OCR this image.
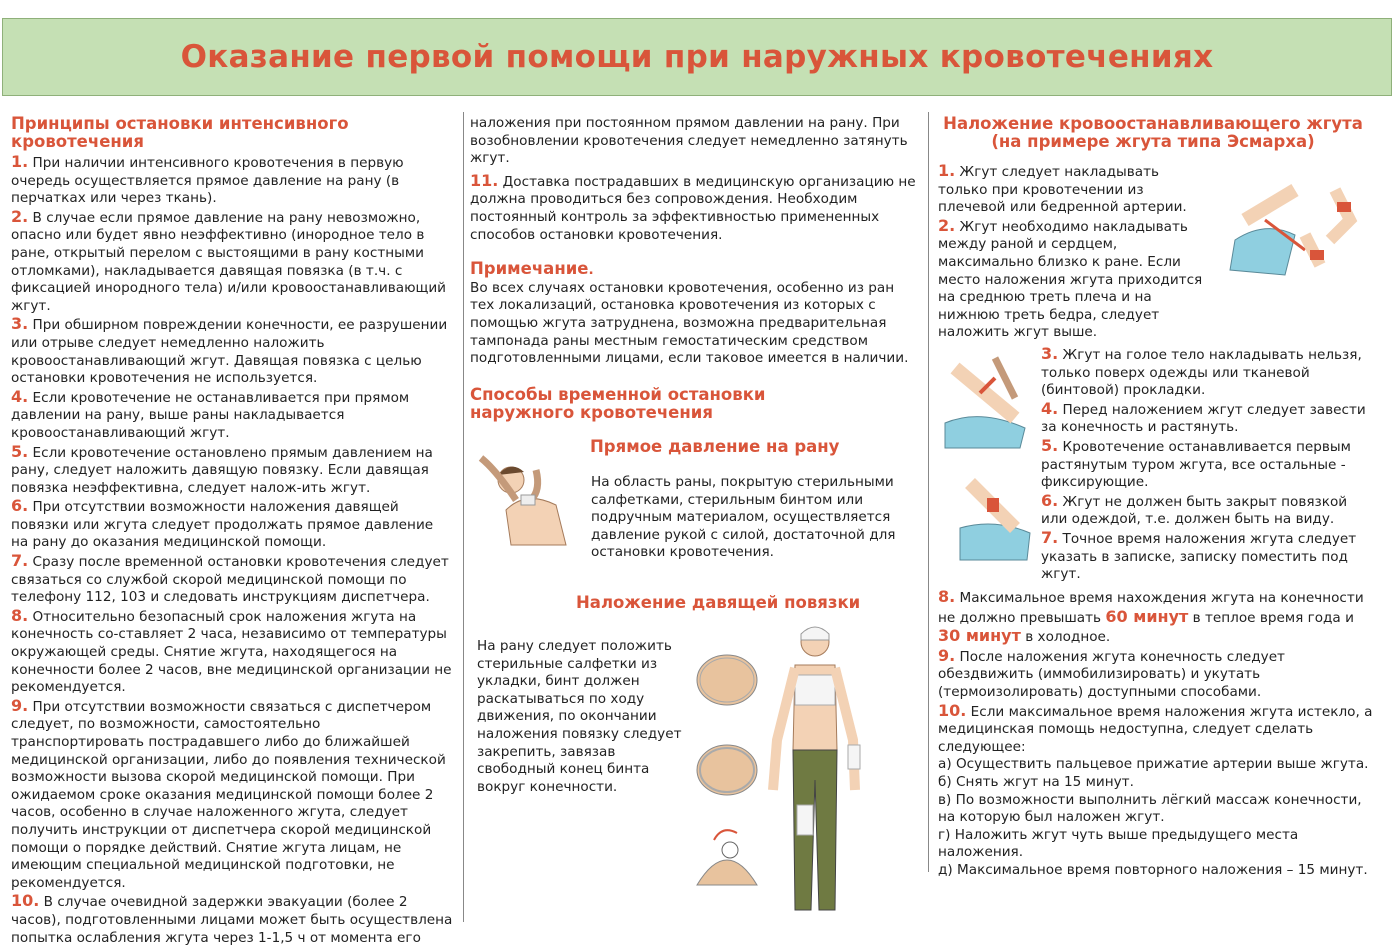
Оказание первой помощи при наружных кровотечениях
Принципы остановки интенсивного кровотечения

1. При наличии интенсивного кровотечения в первую очередь осуществляется прямое давление на рану (в перчатках или через ткань).

2. В случае если прямое давление на рану невозможно, опасно или будет явно неэффективно (инородное тело в ране, открытый перелом с выстоящими в рану костными отломками), накладывается давящая повязка (в т.ч. с фиксацией инородного тела) и/или кровоостанавливающий жгут.

3. При обширном повреждении конечности, ее разрушении или отрыве следует немедленно наложить кровоостанавливающий жгут. Давящая повязка с целью остановки кровотечения не используется.

4. Если кровотечение не останавливается при прямом давлении на рану, выше раны накладывается кровоостанавливающий жгут.

5. Если кровотечение остановлено прямым давлением на рану, следует наложить давящую повязку. Если давящая повязка неэффективна, следует налож-ить жгут.

6. При отсутствии возможности наложения давящей повязки или жгута следует продолжать прямое давление на рану до оказания медицинской помощи.

7. Сразу после временной остановки кровотечения следует связаться со службой скорой медицинской помощи по телефону 112, 103 и следовать инструкциям диспетчера.

8. Относительно безопасный срок наложения жгута на конечность со-ставляет 2 часа, независимо от температуры окружающей среды. Снятие жгута, находящегося на конечности более 2 часов, вне медицинской организации не рекомендуется.

9. При отсутствии возможности связаться с диспетчером следует, по возможности, самостоятельно транспортировать пострадавшего либо до ближайшей медицинской организации, либо до появления технической возможности вызова скорой медицинской помощи. При ожидаемом сроке оказания медицинской помощи более 2 часов, особенно в случае наложенного жгута, следует получить инструкции от диспетчера скорой медицинской помощи о порядке действий. Снятие жгута лицам, не имеющим специальной медицинской подготовки, не рекомендуется.

10. В случае очевидной задержки эвакуации (более 2 часов), подготовленными лицами может быть осуществлена попытка ослабления жгута через 1-1,5 ч от момента его

наложения при постоянном прямом давлении на рану. При возобновлении кровотечения следует немедленно затянуть жгут.

11. Доставка пострадавших в медицинскую организацию не должна проводиться без сопровождения. Необходим постоянный контроль за эффективностью примененных способов остановки кровотечения.

Примечание.

Во всех случаях остановки кровотечения, особенно из ран тех локализаций, остановка кровотечения из которых с помощью жгута затруднена, возможна предварительная тампонада раны местным гемостатическим средством подготовленными лицами, если таковое имеется в наличии.

Способы временной остановки наружного кровотечения
Прямое давление на рану
На область раны, покрытую стерильными салфетками, стерильным бинтом или подручным материалом, осуществляется давление рукой с силой, достаточной для остановки кровотечения.
Наложение давящей повязки
На рану следует положить стерильные салфетки из укладки, бинт должен раскатываться по ходу движения, по окончании наложения повязку следует закрепить, завязав свободный конец бинта вокруг конечности.
Наложение кровоостанавливающего жгута (на примере жгута типа Эсмарха)

1. Жгут следует накладывать только при кровотечении из плечевой или бедренной артерии.

2. Жгут необходимо накладывать между раной и сердцем, максимально близко к ране. Если место наложения жгута приходится на среднюю треть плеча и на нижнюю треть бедра, следует наложить жгут выше.

3. Жгут на голое тело накладывать нельзя, только поверх одежды или тканевой (бинтовой) прокладки.

4. Перед наложением жгут следует завести за конечность и растянуть.

5. Кровотечение останавливается первым растянутым туром жгута, все остальные - фиксирующие.

6. Жгут не должен быть закрыт повязкой или одеждой, т.е. должен быть на виду.

7. Точное время наложения жгута следует указать в записке, записку поместить под жгут.

8. Максимальное время нахождения жгута на конечности не должно превышать 60 минут в теплое время года и 30 минут в холодное.

9. После наложения жгута конечность следует обездвижить (иммобилизировать) и укутать (термоизолировать) доступными способами.

10. Если максимальное время наложения жгута истекло, а медицинская помощь недоступна, следует сделать следующее:

а) Осуществить пальцевое прижатие артерии выше жгута.

б) Снять жгут на 15 минут.

в) По возможности выполнить лёгкий массаж конечности, на которую был наложен жгут.

г) Наложить жгут чуть выше предыдущего места наложения.

д) Максимальное время повторного наложения – 15 минут.
